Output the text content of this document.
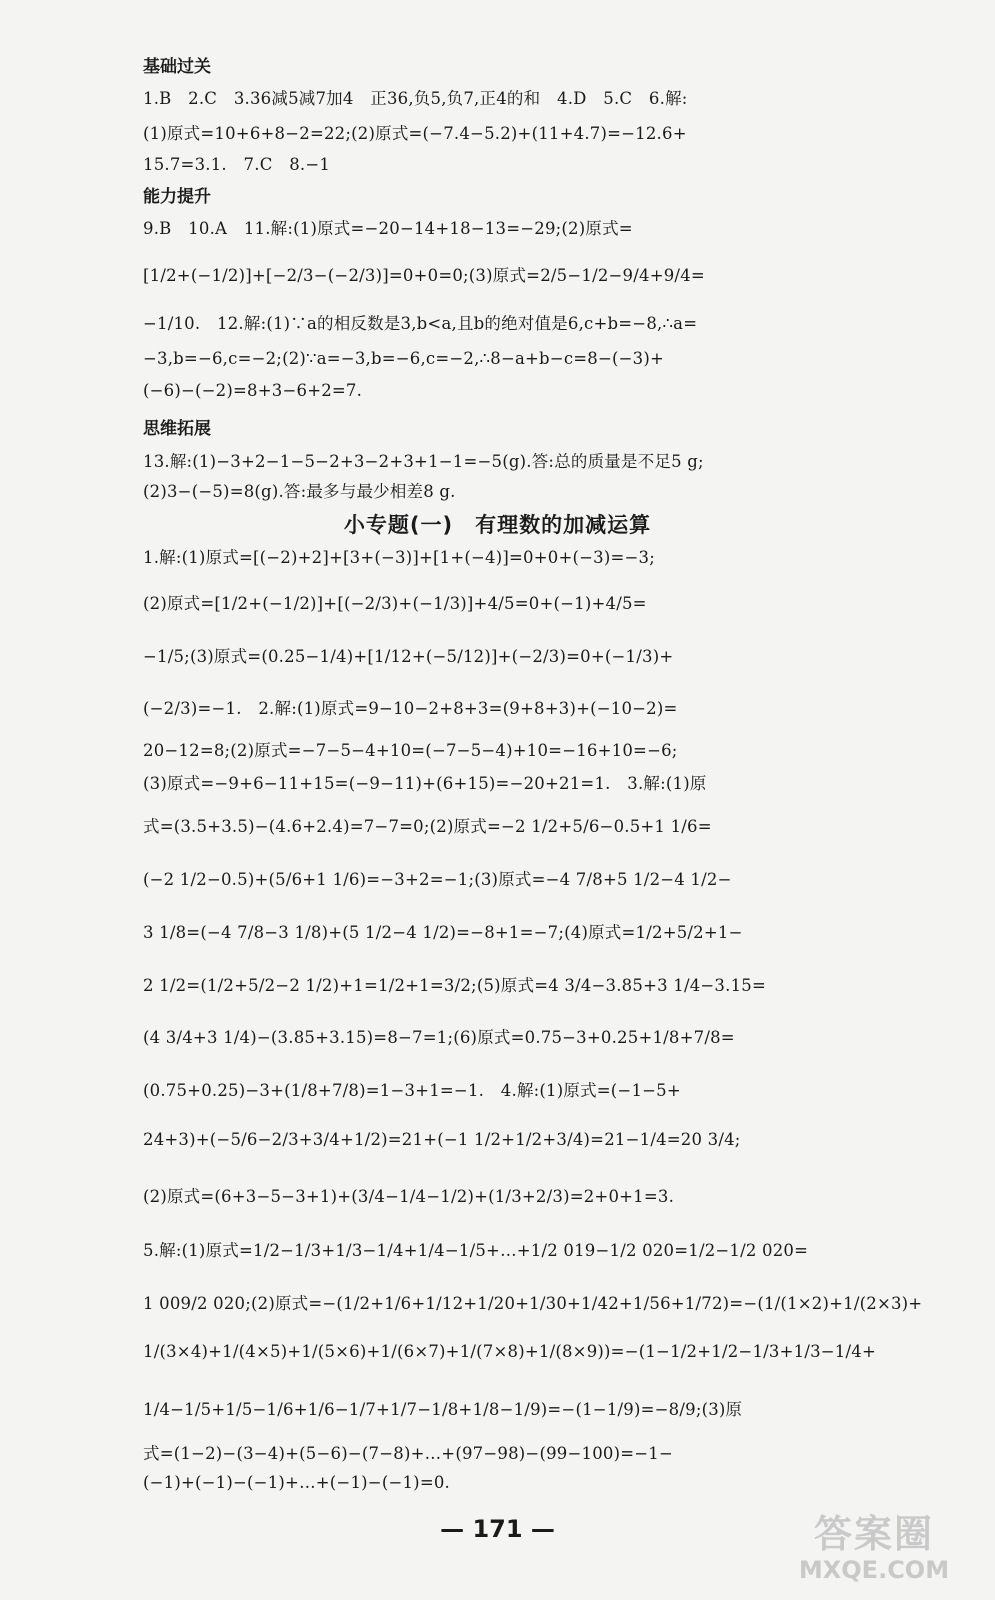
基础过关
1.B　2.C　3.36减5减7加4　正36,负5,负7,正4的和　4.D　5.C　6.解:
(1)原式=10+6+8−2=22;(2)原式=(−7.4−5.2)+(11+4.7)=−12.6+
15.7=3.1.　7.C　8.−1
能力提升
9.B　10.A　11.解:(1)原式=−20−14+18−13=−29;(2)原式=
[1/2+(−1/2)]+[−2/3−(−2/3)]=0+0=0;(3)原式=2/5−1/2−9/4+9/4=
−1/10.　12.解:(1)∵a的相反数是3,b<a,且b的绝对值是6,c+b=−8,∴a=
−3,b=−6,c=−2;(2)∵a=−3,b=−6,c=−2,∴8−a+b−c=8−(−3)+
(−6)−(−2)=8+3−6+2=7.
思维拓展
13.解:(1)−3+2−1−5−2+3−2+3+1−1=−5(g).答:总的质量是不足5 g;
(2)3−(−5)=8(g).答:最多与最少相差8 g.
小专题(一)　有理数的加减运算
1.解:(1)原式=[(−2)+2]+[3+(−3)]+[1+(−4)]=0+0+(−3)=−3;
(2)原式=[1/2+(−1/2)]+[(−2/3)+(−1/3)]+4/5=0+(−1)+4/5=
−1/5;(3)原式=(0.25−1/4)+[1/12+(−5/12)]+(−2/3)=0+(−1/3)+
(−2/3)=−1.　2.解:(1)原式=9−10−2+8+3=(9+8+3)+(−10−2)=
20−12=8;(2)原式=−7−5−4+10=(−7−5−4)+10=−16+10=−6;
(3)原式=−9+6−11+15=(−9−11)+(6+15)=−20+21=1.　3.解:(1)原
式=(3.5+3.5)−(4.6+2.4)=7−7=0;(2)原式=−2 1/2+5/6−0.5+1 1/6=
(−2 1/2−0.5)+(5/6+1 1/6)=−3+2=−1;(3)原式=−4 7/8+5 1/2−4 1/2−
3 1/8=(−4 7/8−3 1/8)+(5 1/2−4 1/2)=−8+1=−7;(4)原式=1/2+5/2+1−
2 1/2=(1/2+5/2−2 1/2)+1=1/2+1=3/2;(5)原式=4 3/4−3.85+3 1/4−3.15=
(4 3/4+3 1/4)−(3.85+3.15)=8−7=1;(6)原式=0.75−3+0.25+1/8+7/8=
(0.75+0.25)−3+(1/8+7/8)=1−3+1=−1.　4.解:(1)原式=(−1−5+
24+3)+(−5/6−2/3+3/4+1/2)=21+(−1 1/2+1/2+3/4)=21−1/4=20 3/4;
(2)原式=(6+3−5−3+1)+(3/4−1/4−1/2)+(1/3+2/3)=2+0+1=3.
5.解:(1)原式=1/2−1/3+1/3−1/4+1/4−1/5+…+1/2 019−1/2 020=1/2−1/2 020=
1 009/2 020;(2)原式=−(1/2+1/6+1/12+1/20+1/30+1/42+1/56+1/72)=−(1/(1×2)+1/(2×3)+
1/(3×4)+1/(4×5)+1/(5×6)+1/(6×7)+1/(7×8)+1/(8×9))=−(1−1/2+1/2−1/3+1/3−1/4+
1/4−1/5+1/5−1/6+1/6−1/7+1/7−1/8+1/8−1/9)=−(1−1/9)=−8/9;(3)原
式=(1−2)−(3−4)+(5−6)−(7−8)+…+(97−98)−(99−100)=−1−
(−1)+(−1)−(−1)+…+(−1)−(−1)=0.
— 171 —	答案圈
MXQE.COM
